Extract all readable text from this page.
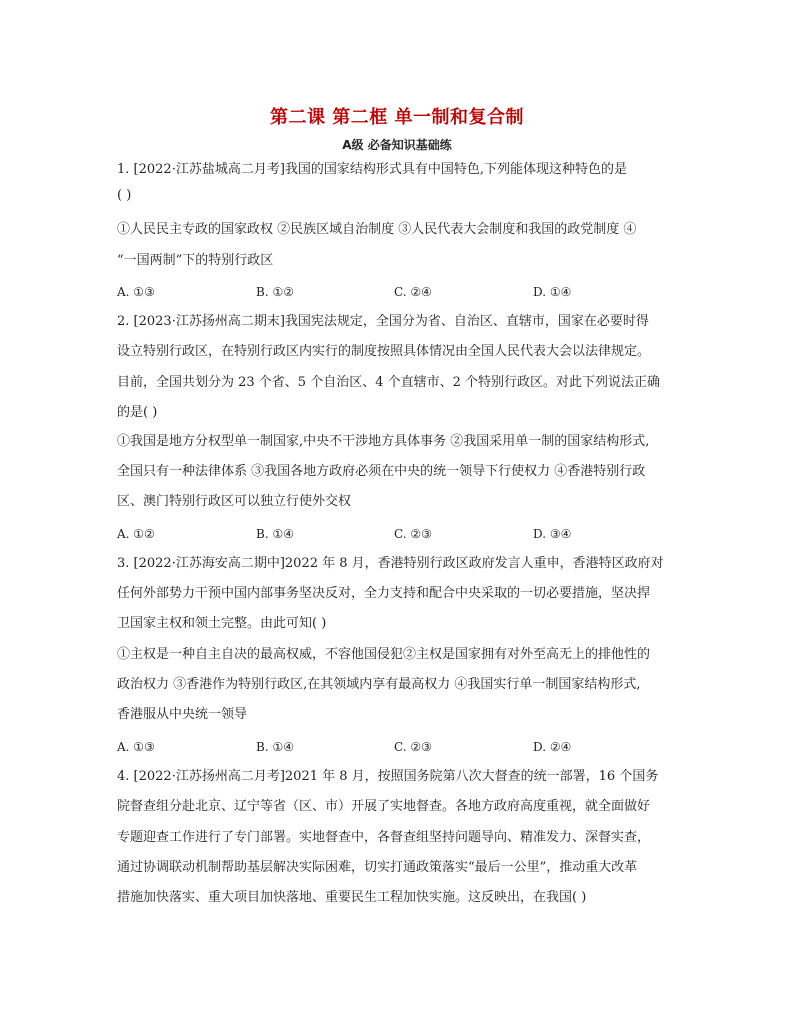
第二课 第二框 单一制和复合制
A级 必备知识基础练
1. [2022·江苏盐城高二月考]我国的国家结构形式具有中国特色,下列能体现这种特色的是
( )
①人民民主专政的国家政权 ②民族区域自治制度 ③人民代表大会制度和我国的政党制度 ④
“一国两制”下的特别行政区
A. ①③	B. ①②	C. ②④	D. ①④
2. [2023·江苏扬州高二期末]我国宪法规定，全国分为省、自治区、直辖市，国家在必要时得
设立特别行政区，在特别行政区内实行的制度按照具体情况由全国人民代表大会以法律规定。
目前，全国共划分为 23 个省、5 个自治区、4 个直辖市、2 个特别行政区。对此下列说法正确
的是( )
①我国是地方分权型单一制国家,中央不干涉地方具体事务 ②我国采用单一制的国家结构形式,
全国只有一种法律体系 ③我国各地方政府必须在中央的统一领导下行使权力 ④香港特别行政
区、澳门特别行政区可以独立行使外交权
A. ①②	B. ①④	C. ②③	D. ③④
3. [2022·江苏海安高二期中]2022 年 8 月，香港特别行政区政府发言人重申，香港特区政府对
任何外部势力干预中国内部事务坚决反对，全力支持和配合中央采取的一切必要措施，坚决捍
卫国家主权和领土完整。由此可知( )
①主权是一种自主自决的最高权威，不容他国侵犯②主权是国家拥有对外至高无上的排他性的
政治权力 ③香港作为特别行政区,在其领域内享有最高权力 ④我国实行单一制国家结构形式,
香港服从中央统一领导
A. ①③	B. ①④	C. ②③	D. ②④
4. [2022·江苏扬州高二月考]2021 年 8 月，按照国务院第八次大督查的统一部署，16 个国务
院督查组分赴北京、辽宁等省（区、市）开展了实地督查。各地方政府高度重视，就全面做好
专题迎查工作进行了专门部署。实地督查中，各督查组坚持问题导向、精准发力、深督实查，
通过协调联动机制帮助基层解决实际困难，切实打通政策落实“最后一公里”，推动重大改革
措施加快落实、重大项目加快落地、重要民生工程加快实施。这反映出，在我国( )
